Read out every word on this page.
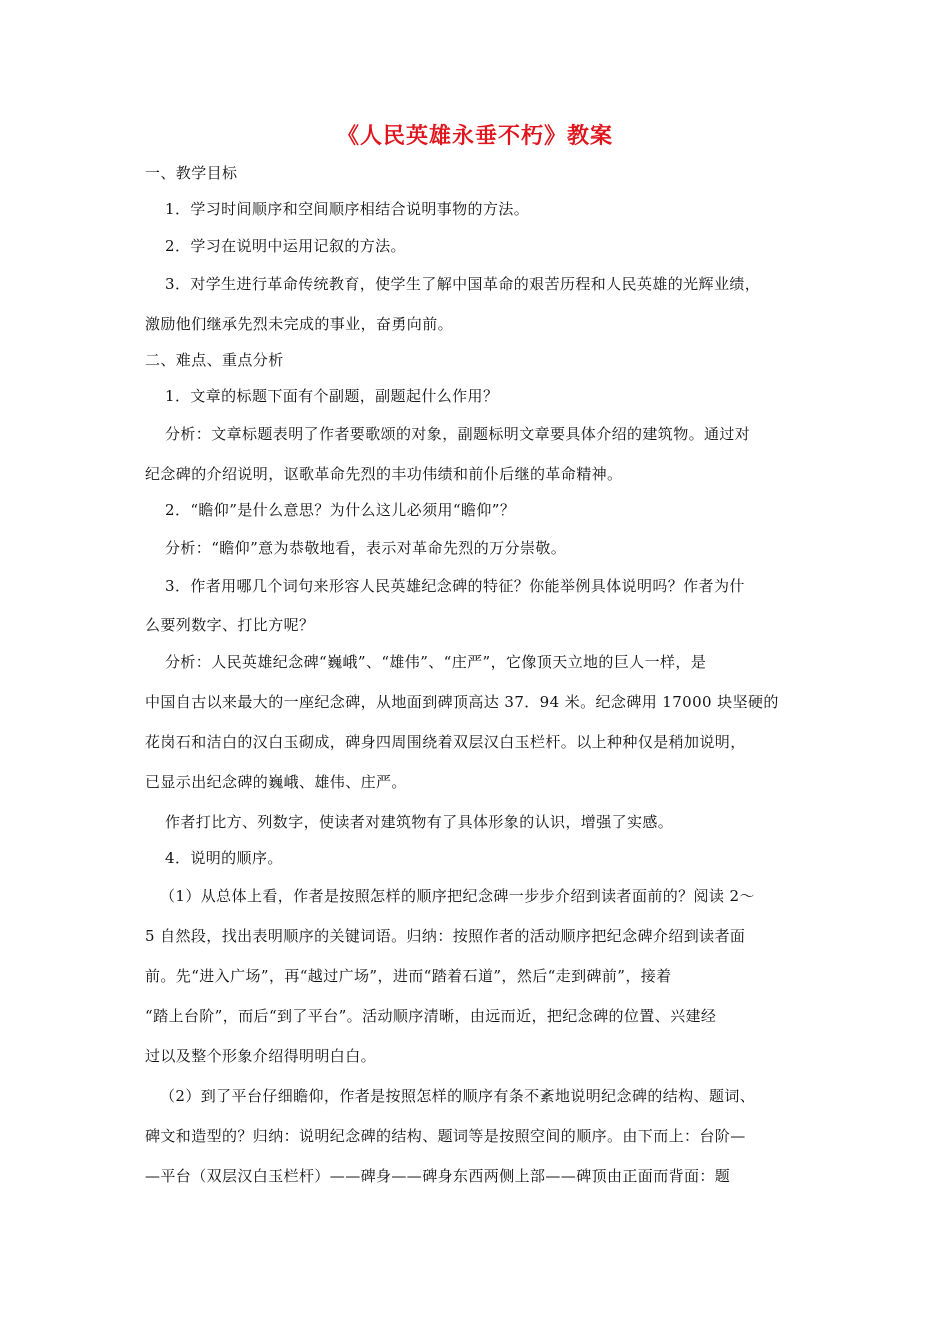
《人民英雄永垂不朽》教案
一、教学目标
1．学习时间顺序和空间顺序相结合说明事物的方法。
2．学习在说明中运用记叙的方法。
3．对学生进行革命传统教育，使学生了解中国革命的艰苦历程和人民英雄的光辉业绩，
激励他们继承先烈未完成的事业，奋勇向前。
二、难点、重点分析
1．文章的标题下面有个副题，副题起什么作用？
分析：文章标题表明了作者要歌颂的对象，副题标明文章要具体介绍的建筑物。通过对
纪念碑的介绍说明，讴歌革命先烈的丰功伟绩和前仆后继的革命精神。
2．“瞻仰”是什么意思？为什么这儿必须用“瞻仰”？
分析：“瞻仰”意为恭敬地看，表示对革命先烈的万分崇敬。
3．作者用哪几个词句来形容人民英雄纪念碑的特征？你能举例具体说明吗？作者为什
么要列数字、打比方呢？
分析：人民英雄纪念碑“巍峨”、“雄伟”、“庄严”，它像顶天立地的巨人一样，是
中国自古以来最大的一座纪念碑，从地面到碑顶高达 37．94 米。纪念碑用 17000 块坚硬的
花岗石和洁白的汉白玉砌成，碑身四周围绕着双层汉白玉栏杆。以上种种仅是稍加说明，
已显示出纪念碑的巍峨、雄伟、庄严。
作者打比方、列数字，使读者对建筑物有了具体形象的认识，增强了实感。
4．说明的顺序。
（1）从总体上看，作者是按照怎样的顺序把纪念碑一步步介绍到读者面前的？阅读 2～
5 自然段，找出表明顺序的关键词语。归纳：按照作者的活动顺序把纪念碑介绍到读者面
前。先“进入广场”，再“越过广场”，进而“踏着石道”，然后“走到碑前”，接着
“踏上台阶”，而后“到了平台”。活动顺序清晰，由远而近，把纪念碑的位置、兴建经
过以及整个形象介绍得明明白白。
（2）到了平台仔细瞻仰，作者是按照怎样的顺序有条不紊地说明纪念碑的结构、题词、
碑文和造型的？归纳：说明纪念碑的结构、题词等是按照空间的顺序。由下而上：台阶—
—平台（双层汉白玉栏杆）——碑身——碑身东西两侧上部——碑顶由正面而背面：题
